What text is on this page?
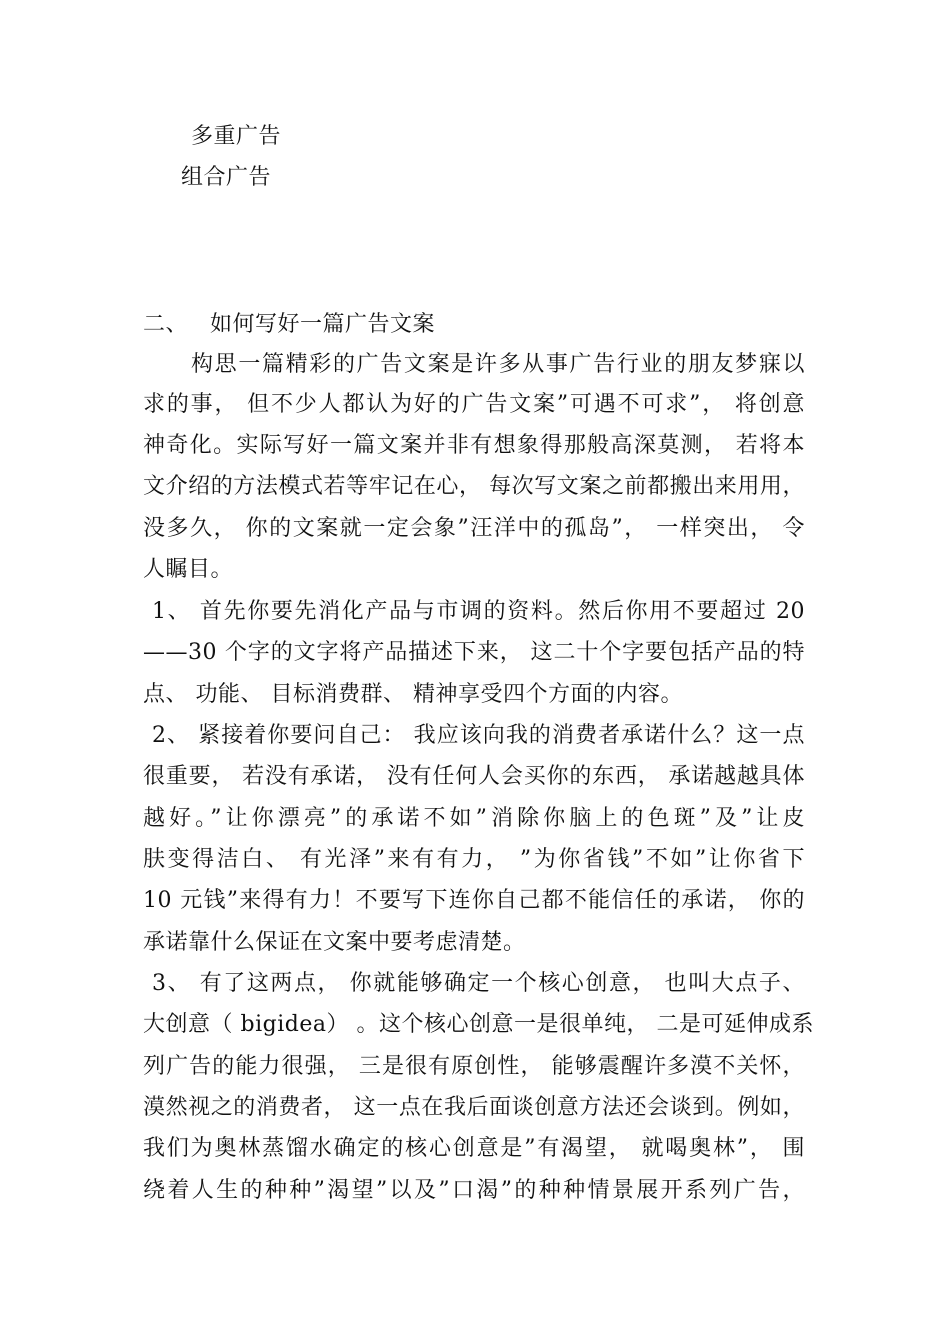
多重广告
组合广告
二、 如何写好一篇广告文案
构思一篇精彩的广告文案是许多从事广告行业的朋友梦寐以
求的事， 但不少人都认为好的广告文案”可遇不可求”， 将创意
神奇化。实际写好一篇文案并非有想象得那般高深莫测， 若将本
文介绍的方法模式若等牢记在心， 每次写文案之前都搬出来用用，
没多久， 你的文案就一定会象”汪洋中的孤岛”， 一样突出， 令
人瞩目。
1、 首先你要先消化产品与市调的资料。然后你用不要超过 20
——30 个字的文字将产品描述下来， 这二十个字要包括产品的特
点、 功能、 目标消费群、 精神享受四个方面的内容。
2、 紧接着你要问自己： 我应该向我的消费者承诺什么？这一点
很重要， 若没有承诺， 没有任何人会买你的东西， 承诺越越具体
越好。”让你漂亮”的承诺不如”消除你脑上的色斑”及”让皮
肤变得洁白、 有光泽”来有有力， ”为你省钱”不如”让你省下
10 元钱”来得有力！不要写下连你自己都不能信任的承诺， 你的
承诺靠什么保证在文案中要考虑清楚。
3、 有了这两点， 你就能够确定一个核心创意， 也叫大点子、
大创意（ bigidea） 。这个核心创意一是很单纯， 二是可延伸成系
列广告的能力很强， 三是很有原创性， 能够震醒许多漠不关怀，
漠然视之的消费者， 这一点在我后面谈创意方法还会谈到。例如，
我们为奥林蒸馏水确定的核心创意是”有渴望， 就喝奥林”， 围
绕着人生的种种”渴望”以及”口渴”的种种情景展开系列广告，
